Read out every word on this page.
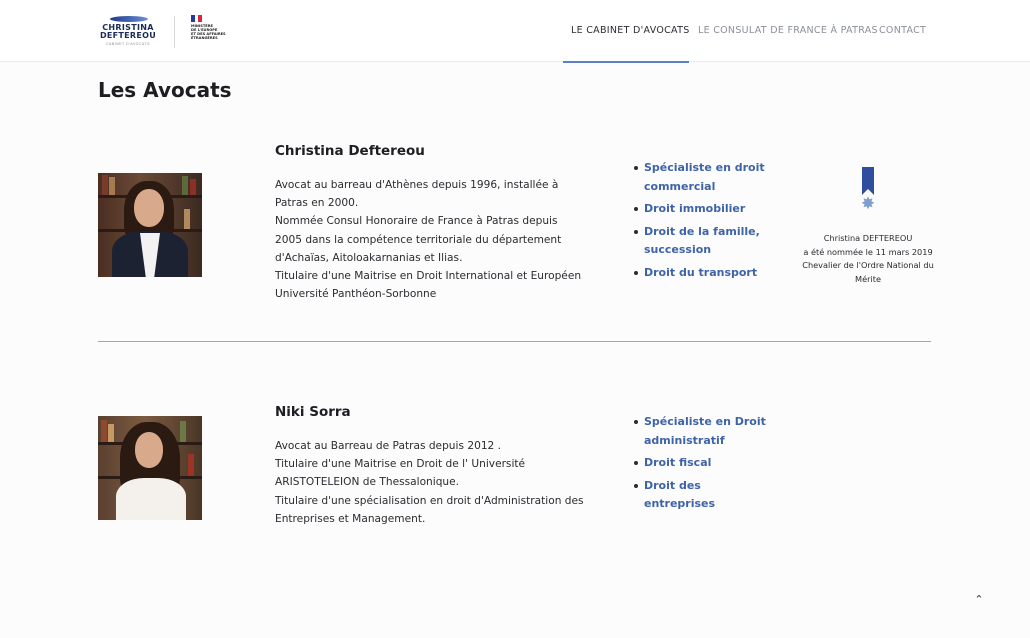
CHRISTINA
DEFTEREOU
CABINET D'AVOCATS
MINISTÈRE
DE L'EUROPE
ET DES AFFAIRES
ÉTRANGÈRES
LE CABINET D'AVOCATS LE CONSULAT DE FRANCE À PATRAS CONTACT
Les Avocats
Christina Deftereou
Avocat au barreau d'Athènes depuis 1996, installée à
Patras en 2000.
Nommée Consul Honoraire de France à Patras depuis
2005 dans la compétence territoriale du département
d'Achaïas, Aitoloakarnanias et Ilias.
Titulaire d'une Maitrise en Droit International et Européen
Université Panthéon-Sorbonne
Spécialiste en droit
commercial
Droit immobilier
Droit de la famille,
succession
Droit du transport
✸
Christina DEFTEREOU
a été nommée le 11 mars 2019
Chevalier de l'Ordre National du
Mérite
Niki Sorra
Avocat au Barreau de Patras depuis 2012 .
Titulaire d'une Maitrise en Droit de l' Université
ARISTOTELEION de Thessalonique.
Titulaire d'une spécialisation en droit d'Administration des
Entreprises et Management.
Spécialiste en Droit
administratif
Droit fiscal
Droit des
entreprises
⌃
